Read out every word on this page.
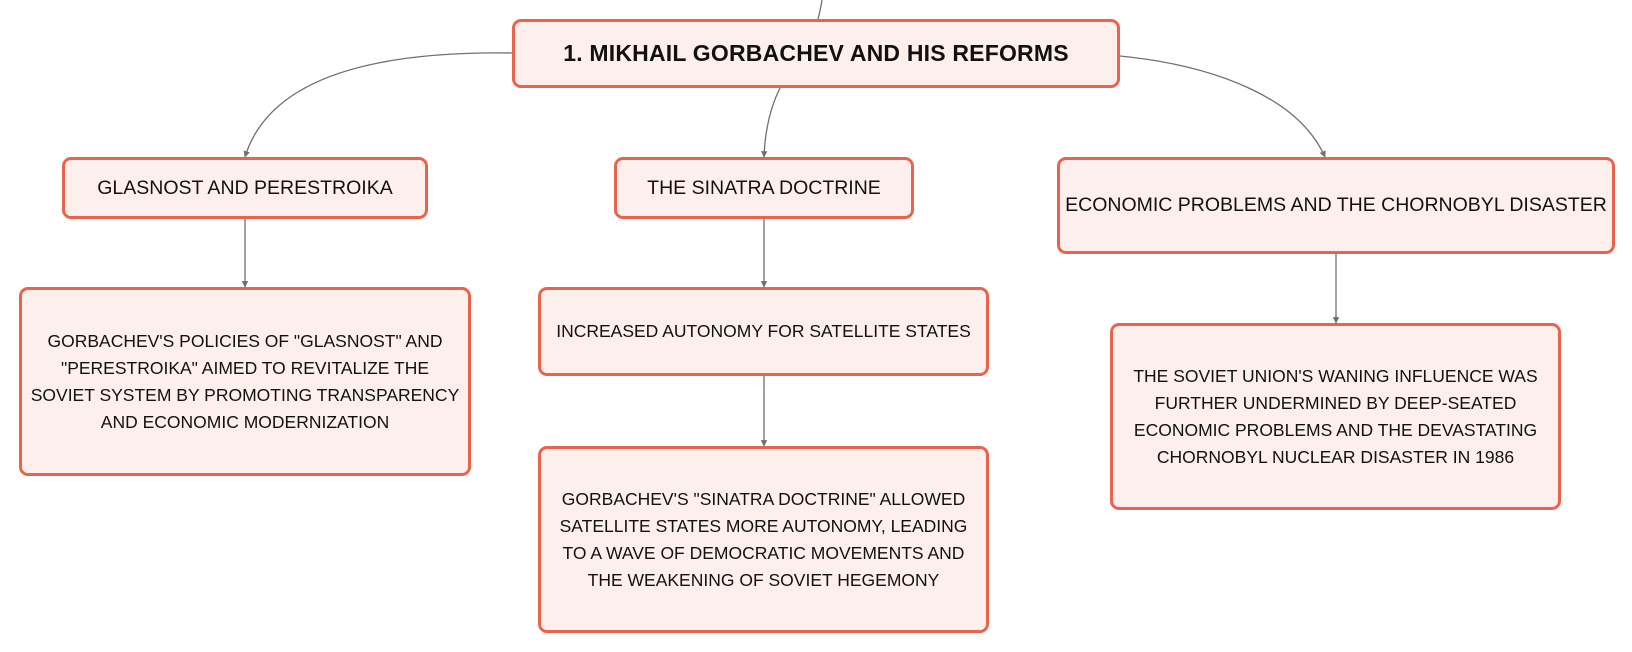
1. MIKHAIL GORBACHEV AND HIS REFORMS
GLASNOST AND PERESTROIKA	THE SINATRA DOCTRINE
ECONOMIC PROBLEMS AND THE CHORNOBYL DISASTER
GORBACHEV'S POLICIES OF "GLASNOST" AND "PERESTROIKA" AIMED TO REVITALIZE THE SOVIET SYSTEM BY PROMOTING TRANSPARENCY AND ECONOMIC MODERNIZATION
INCREASED AUTONOMY FOR SATELLITE STATES
GORBACHEV'S "SINATRA DOCTRINE" ALLOWED SATELLITE STATES MORE AUTONOMY, LEADING TO A WAVE OF DEMOCRATIC MOVEMENTS AND THE WEAKENING OF SOVIET HEGEMONY
THE SOVIET UNION'S WANING INFLUENCE WAS FURTHER UNDERMINED BY DEEP-SEATED ECONOMIC PROBLEMS AND THE DEVASTATING CHORNOBYL NUCLEAR DISASTER IN 1986
